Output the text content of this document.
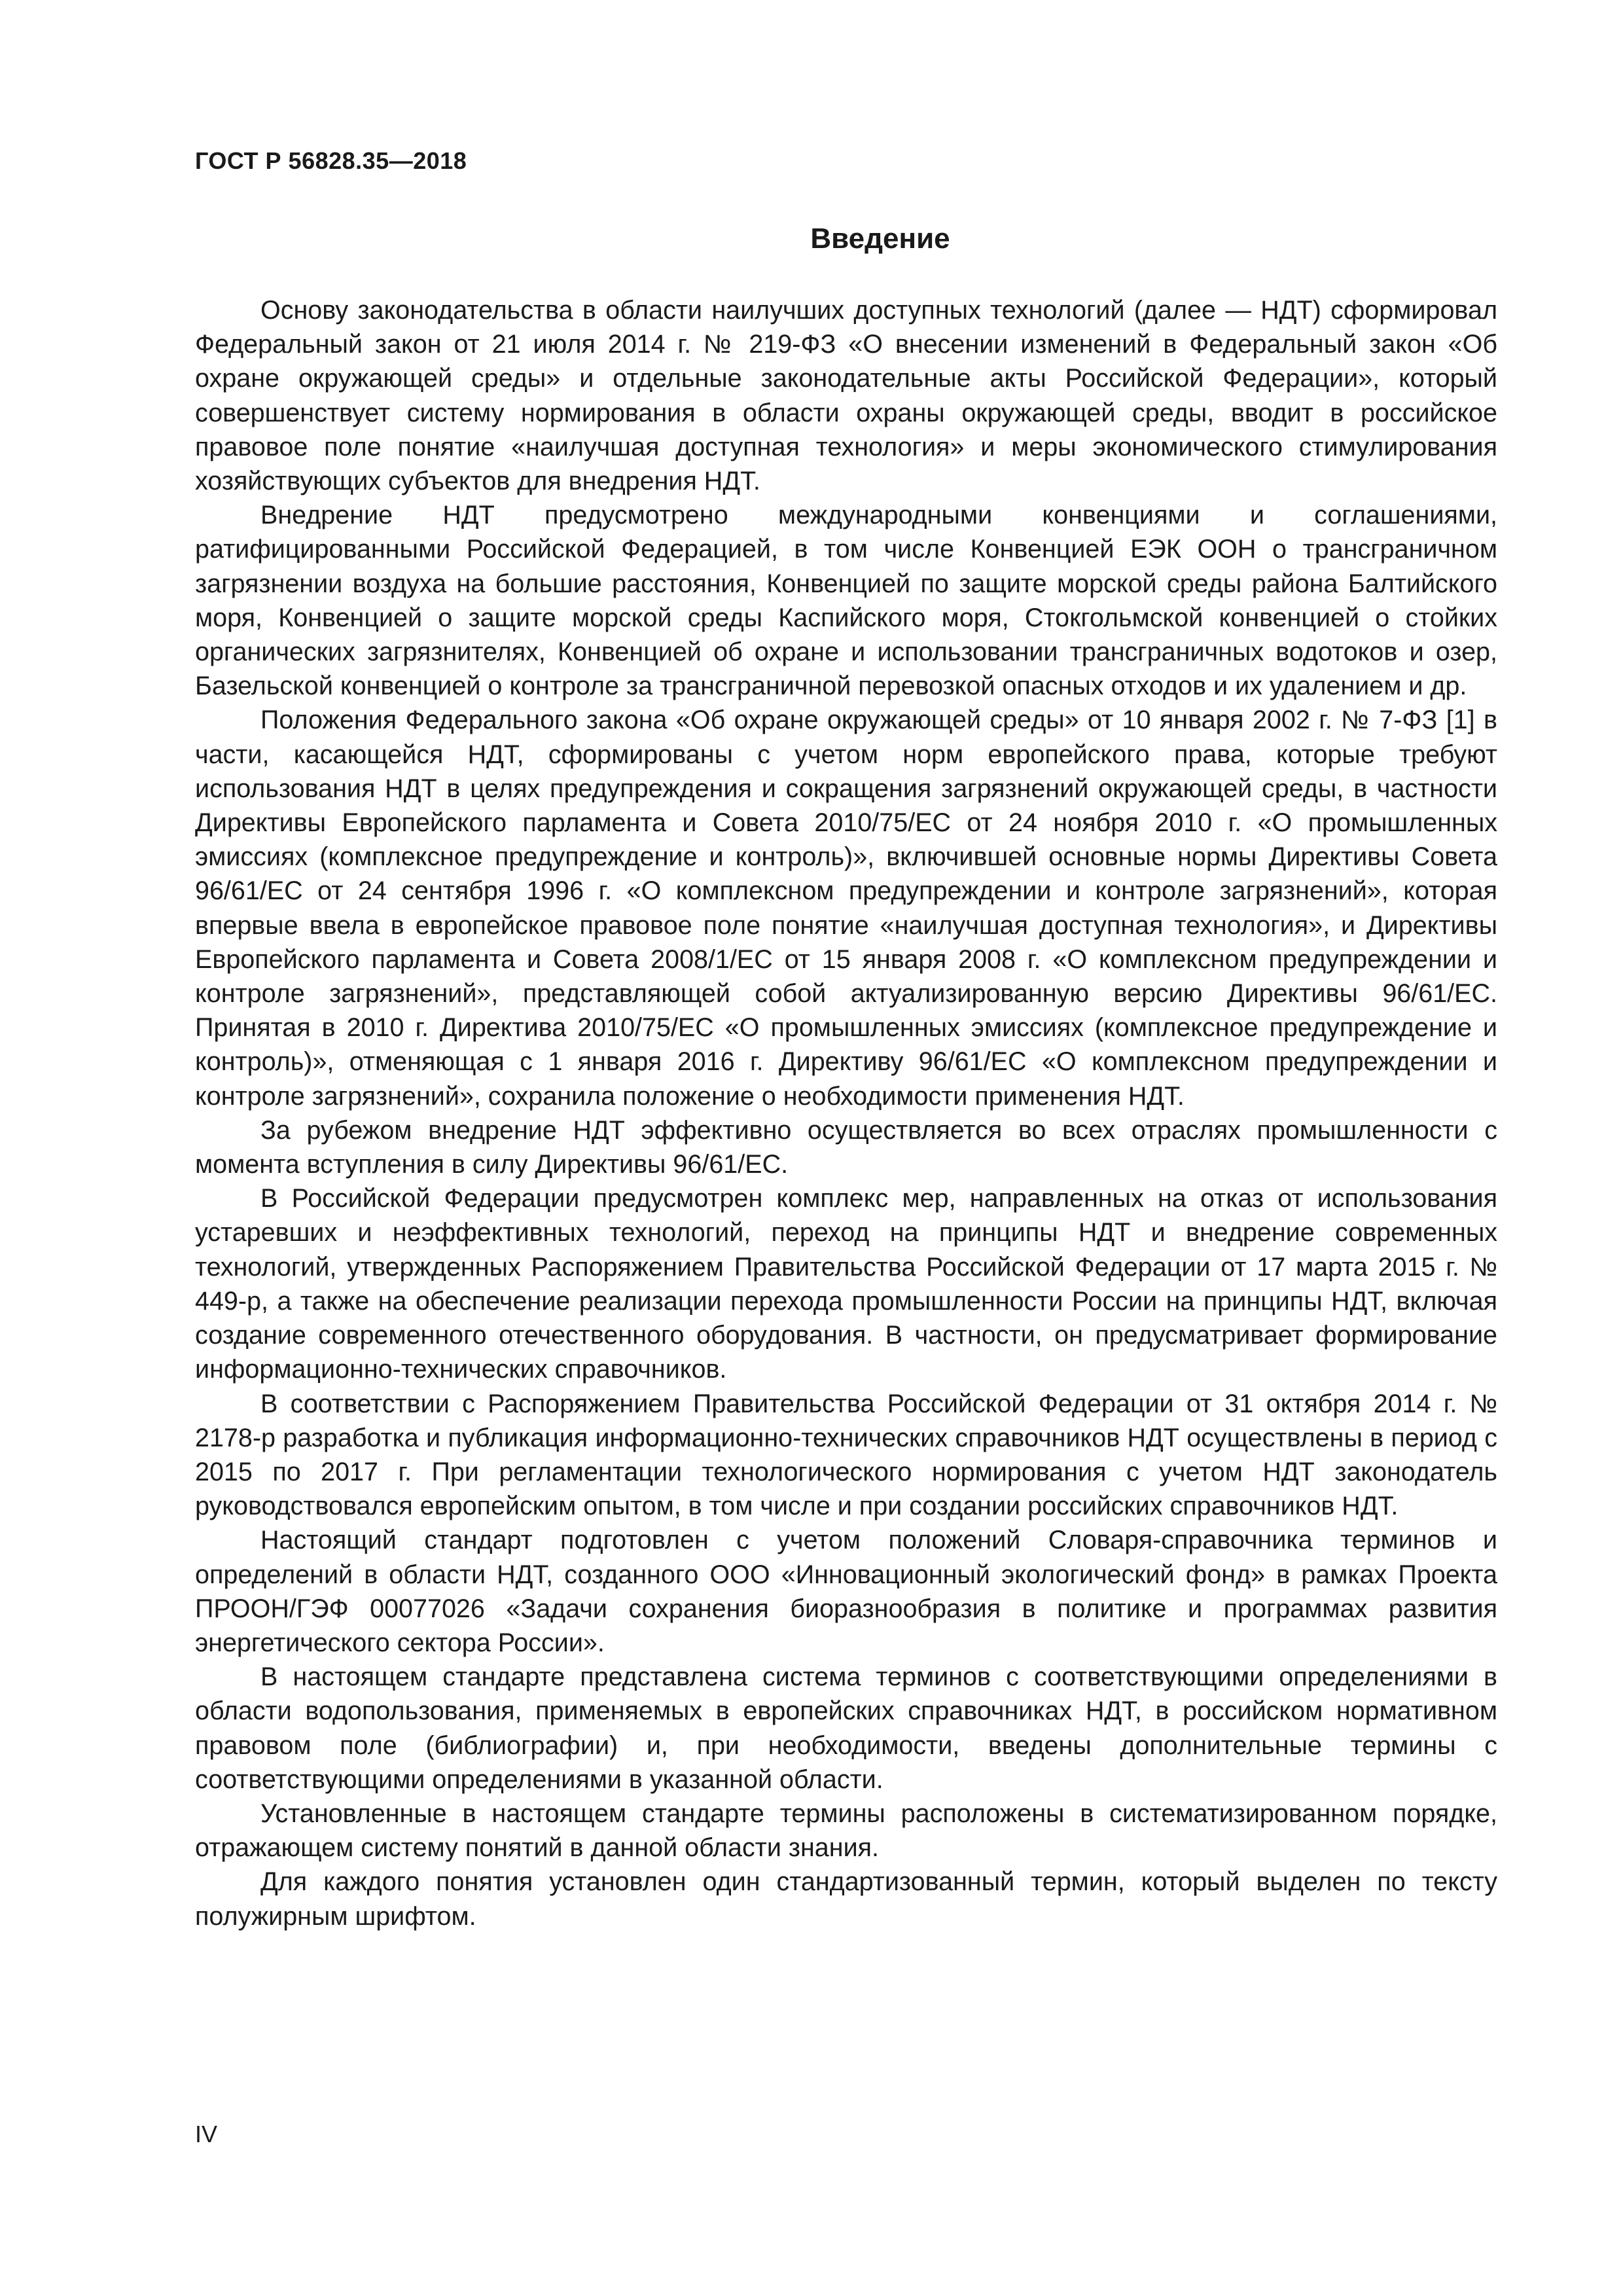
ГОСТ Р 56828.35—2018
Введение

Основу законодательства в области наилучших доступных технологий (далее — НДТ) сформировал Федеральный закон от 21 июля 2014 г. № 219-ФЗ «О внесении изменений в Федеральный закон «Об охране окружающей среды» и отдельные законодательные акты Российской Федерации», который совершенствует систему нормирования в области охраны окружающей среды, вводит в российское правовое поле понятие «наилучшая доступная технология» и меры экономического стимулирования хозяйствующих субъектов для внедрения НДТ.

Внедрение НДТ предусмотрено международными конвенциями и соглашениями, ратифицированными Российской Федерацией, в том числе Конвенцией ЕЭК ООН о трансграничном загрязнении воздуха на большие расстояния, Конвенцией по защите морской среды района Балтийского моря, Конвенцией о защите морской среды Каспийского моря, Стокгольмской конвенцией о стойких органических загрязнителях, Конвенцией об охране и использовании трансграничных водотоков и озер, Базельской конвенцией о контроле за трансграничной перевозкой опасных отходов и их удалением и др.

Положения Федерального закона «Об охране окружающей среды» от 10 января 2002 г. № 7-ФЗ [1] в части, касающейся НДТ, сформированы с учетом норм европейского права, которые требуют использования НДТ в целях предупреждения и сокращения загрязнений окружающей среды, в частности Директивы Европейского парламента и Совета 2010/75/ЕС от 24 ноября 2010 г. «О промышленных эмиссиях (комплексное предупреждение и контроль)», включившей основные нормы Директивы Совета 96/61/ЕС от 24 сентября 1996 г. «О комплексном предупреждении и контроле загрязнений», которая впервые ввела в европейское правовое поле понятие «наилучшая доступная технология», и Директивы Европейского парламента и Совета 2008/1/ЕС от 15 января 2008 г. «О комплексном предупреждении и контроле загрязнений», представляющей собой актуализированную версию Директивы 96/61/ЕС. Принятая в 2010 г. Директива 2010/75/ЕС «О промышленных эмиссиях (комплексное предупреждение и контроль)», отменяющая с 1 января 2016 г. Директиву 96/61/ЕС «О комплексном предупреждении и контроле загрязнений», сохранила положение о необходимости применения НДТ.

За рубежом внедрение НДТ эффективно осуществляется во всех отраслях промышленности с момента вступления в силу Директивы 96/61/ЕС.

В Российской Федерации предусмотрен комплекс мер, направленных на отказ от использования устаревших и неэффективных технологий, переход на принципы НДТ и внедрение современных технологий, утвержденных Распоряжением Правительства Российской Федерации от 17 марта 2015 г. № 449-р, а также на обеспечение реализации перехода промышленности России на принципы НДТ, включая создание современного отечественного оборудования. В частности, он предусматривает формирование информационно-технических справочников.

В соответствии с Распоряжением Правительства Российской Федерации от 31 октября 2014 г. № 2178-р разработка и публикация информационно-технических справочников НДТ осуществлены в период с 2015 по 2017 г. При регламентации технологического нормирования с учетом НДТ законодатель руководствовался европейским опытом, в том числе и при создании российских справочников НДТ.

Настоящий стандарт подготовлен с учетом положений Словаря-справочника терминов и определений в области НДТ, созданного ООО «Инновационный экологический фонд» в рамках Проекта ПРООН/ГЭФ 00077026 «Задачи сохранения биоразнообразия в политике и программах развития энергетического сектора России».

В настоящем стандарте представлена система терминов с соответствующими определениями в области водопользования, применяемых в европейских справочниках НДТ, в российском нормативном правовом поле (библиографии) и, при необходимости, введены дополнительные термины с соответствующими определениями в указанной области.

Установленные в настоящем стандарте термины расположены в систематизированном порядке, отражающем систему понятий в данной области знания.

Для каждого понятия установлен один стандартизованный термин, который выделен по тексту полужирным шрифтом.

IV
